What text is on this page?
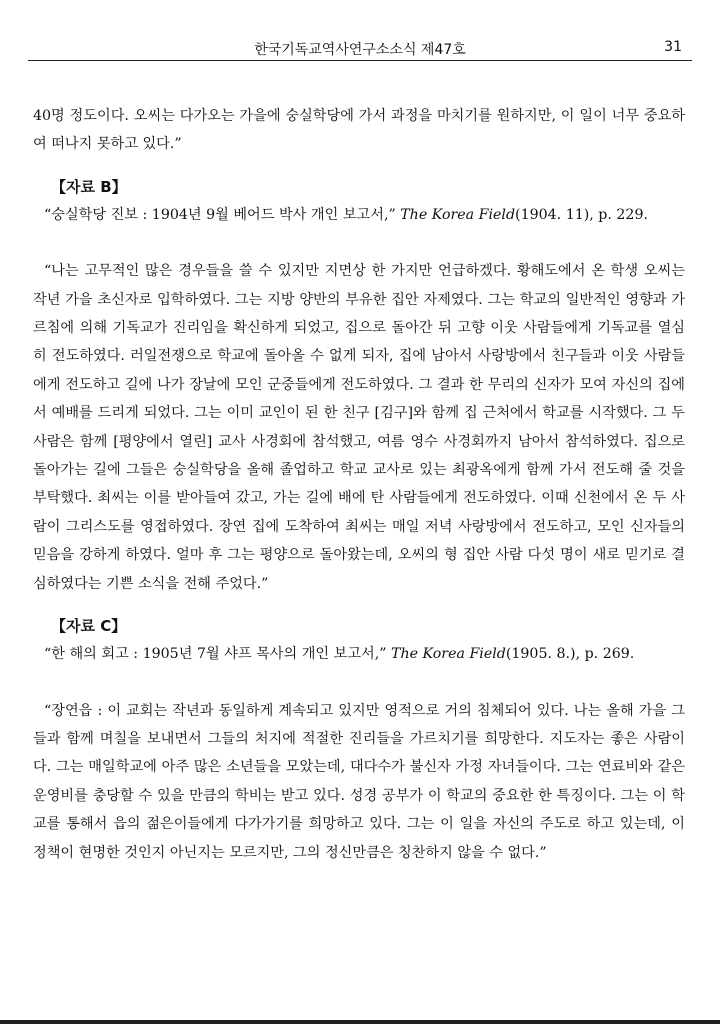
한국기독교역사연구소소식 제47호	31

40명 정도이다. 오씨는 다가오는 가을에 숭실학당에 가서 과정을 마치기를 원하지만, 이 일이 너무 중요하여 떠나지 못하고 있다.”

【자료 B】

“숭실학당 진보 : 1904년 9월 베어드 박사 개인 보고서,” The Korea Field(1904. 11), p. 229.

“나는 고무적인 많은 경우들을 쓸 수 있지만 지면상 한 가지만 언급하겠다. 황해도에서 온 학생 오씨는 작년 가을 초신자로 입학하였다. 그는 지방 양반의 부유한 집안 자제였다. 그는 학교의 일반적인 영향과 가르침에 의해 기독교가 진리임을 확신하게 되었고, 집으로 돌아간 뒤 고향 이웃 사람들에게 기독교를 열심히 전도하였다. 러일전쟁으로 학교에 돌아올 수 없게 되자, 집에 남아서 사랑방에서 친구들과 이웃 사람들에게 전도하고 길에 나가 장날에 모인 군중들에게 전도하였다. 그 결과 한 무리의 신자가 모여 자신의 집에서 예배를 드리게 되었다. 그는 이미 교인이 된 한 친구 [김구]와 함께 집 근처에서 학교를 시작했다. 그 두 사람은 함께 [평양에서 열린] 교사 사경회에 참석했고, 여름 영수 사경회까지 남아서 참석하였다. 집으로 돌아가는 길에 그들은 숭실학당을 올해 졸업하고 학교 교사로 있는 최광옥에게 함께 가서 전도해 줄 것을 부탁했다. 최씨는 이를 받아들여 갔고, 가는 길에 배에 탄 사람들에게 전도하였다. 이때 신천에서 온 두 사람이 그리스도를 영접하였다. 장연 집에 도착하여 최씨는 매일 저녁 사랑방에서 전도하고, 모인 신자들의 믿음을 강하게 하였다. 얼마 후 그는 평양으로 돌아왔는데, 오씨의 형 집안 사람 다섯 명이 새로 믿기로 결심하였다는 기쁜 소식을 전해 주었다.”

【자료 C】

“한 해의 회고 : 1905년 7월 샤프 목사의 개인 보고서,” The Korea Field(1905. 8.), p. 269.

“장연읍 : 이 교회는 작년과 동일하게 계속되고 있지만 영적으로 거의 침체되어 있다. 나는 올해 가을 그들과 함께 며칠을 보내면서 그들의 처지에 적절한 진리들을 가르치기를 희망한다. 지도자는 좋은 사람이다. 그는 매일학교에 아주 많은 소년들을 모았는데, 대다수가 불신자 가정 자녀들이다. 그는 연료비와 같은 운영비를 충당할 수 있을 만큼의 학비는 받고 있다. 성경 공부가 이 학교의 중요한 한 특징이다. 그는 이 학교를 통해서 읍의 젊은이들에게 다가가기를 희망하고 있다. 그는 이 일을 자신의 주도로 하고 있는데, 이 정책이 현명한 것인지 아닌지는 모르지만, 그의 정신만큼은 칭찬하지 않을 수 없다.”
